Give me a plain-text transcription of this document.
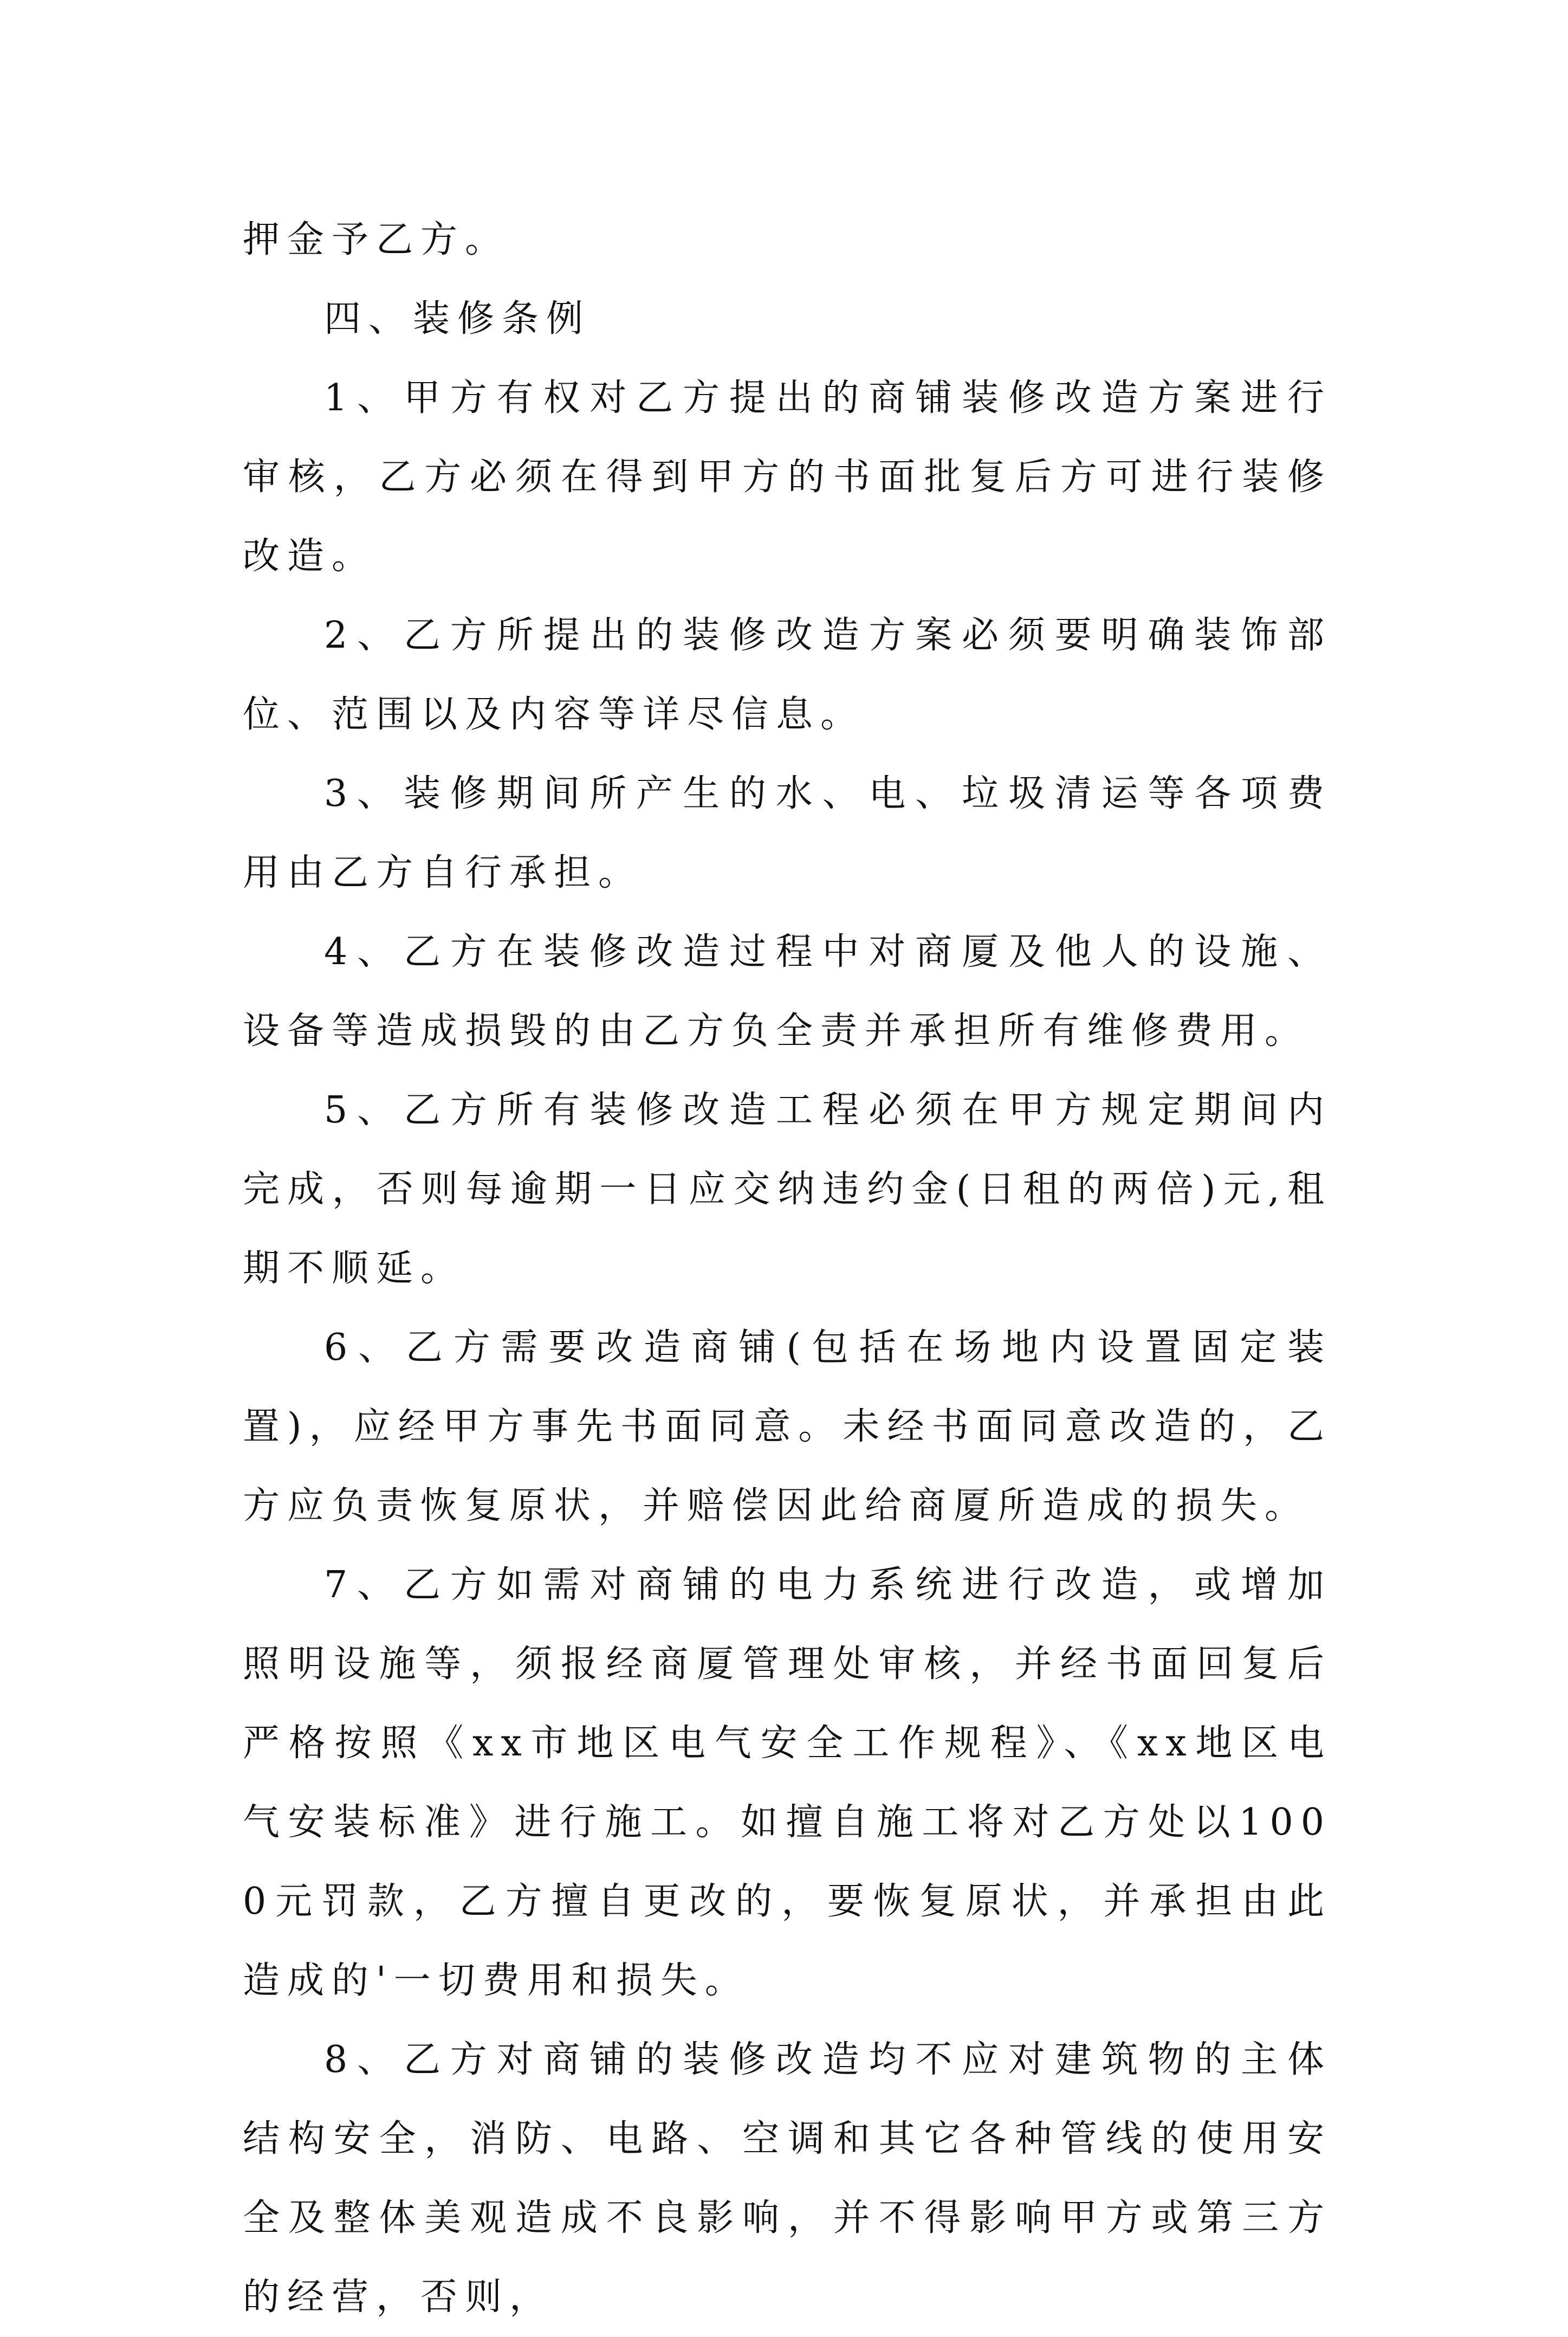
押金予乙方。

四、装修条例

1、甲方有权对乙方提出的商铺装修改造方案进行审核，乙方必须在得到甲方的书面批复后方可进行装修改造。

2、乙方所提出的装修改造方案必须要明确装饰部位、范围以及内容等详尽信息。

3、装修期间所产生的水、电、垃圾清运等各项费用由乙方自行承担。

4、乙方在装修改造过程中对商厦及他人的设施、设备等造成损毁的由乙方负全责并承担所有维修费用。

5、乙方所有装修改造工程必须在甲方规定期间内完成，否则每逾期一日应交纳违约金(日租的两倍)元,租期不顺延。

6、乙方需要改造商铺(包括在场地内设置固定装置)，应经甲方事先书面同意。未经书面同意改造的，乙方应负责恢复原状，并赔偿因此给商厦所造成的损失。

7、乙方如需对商铺的电力系统进行改造，或增加照明设施等，须报经商厦管理处审核，并经书面回复后严格按照《xx市地区电气安全工作规程》、《xx地区电气安装标准》进行施工。如擅自施工将对乙方处以1000元罚款，乙方擅自更改的，要恢复原状，并承担由此造成的'一切费用和损失。

8、乙方对商铺的装修改造均不应对建筑物的主体结构安全，消防、电路、空调和其它各种管线的使用安全及整体美观造成不良影响，并不得影响甲方或第三方的经营，否则，
